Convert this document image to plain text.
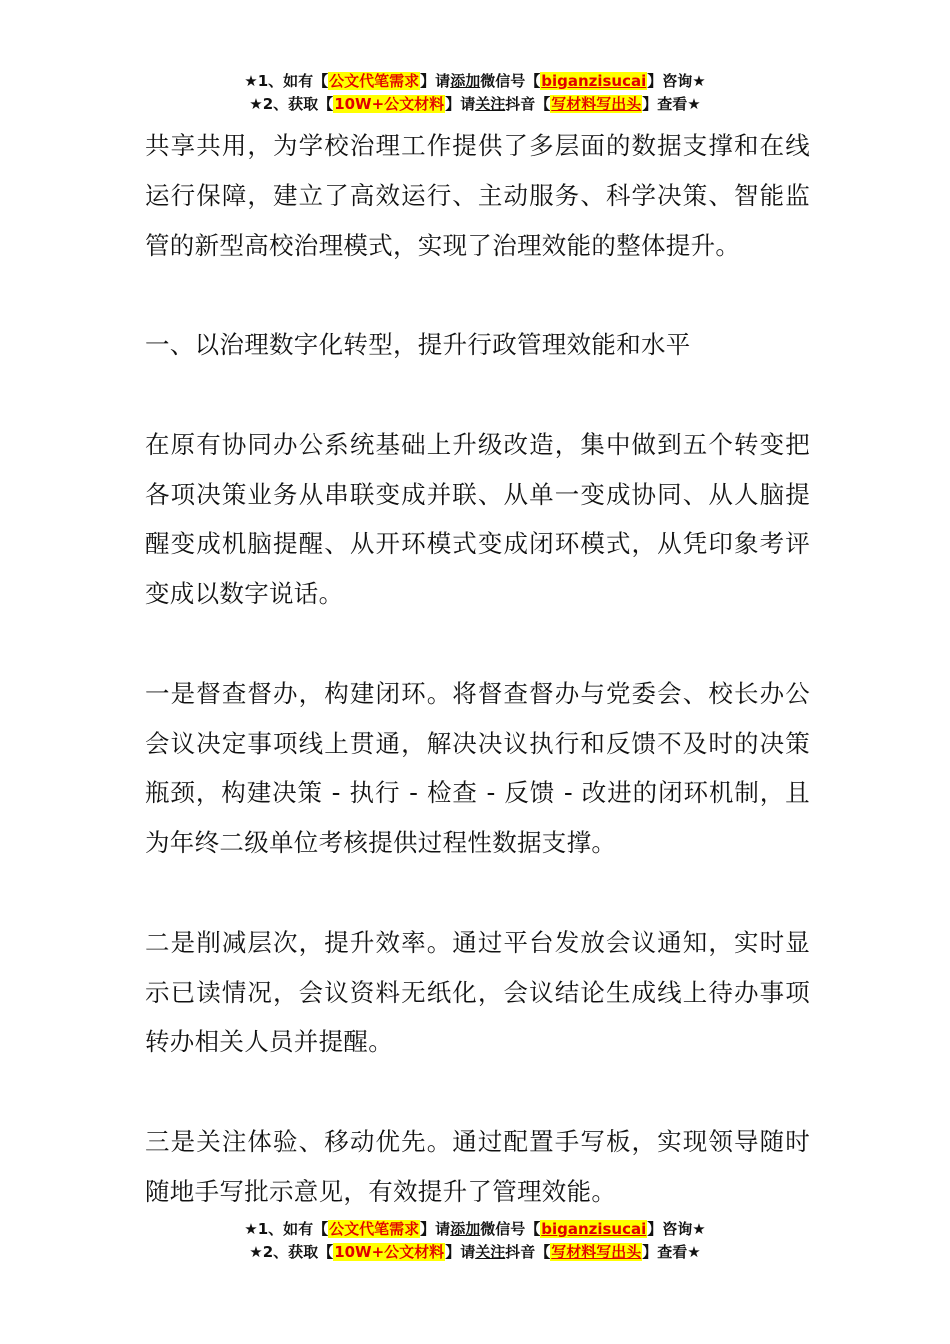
★1、如有【公文代笔需求】请添加微信号【biganzisucai】咨询★
★2、获取【10W+公文材料】请关注抖音【写材料写出头】查看★

共享共用，为学校治理工作提供了多层面的数据支撑和在线运行保障，建立了高效运行、主动服务、科学决策、智能监管的新型高校治理模式，实现了治理效能的整体提升。

一、以治理数字化转型，提升行政管理效能和水平

在原有协同办公系统基础上升级改造，集中做到五个转变把各项决策业务从串联变成并联、从单一变成协同、从人脑提醒变成机脑提醒、从开环模式变成闭环模式，从凭印象考评变成以数字说话。

一是督查督办，构建闭环。将督查督办与党委会、校长办公会议决定事项线上贯通，解决决议执行和反馈不及时的决策瓶颈，构建决策 - 执行 - 检查 - 反馈 - 改进的闭环机制，且为年终二级单位考核提供过程性数据支撑。

二是削减层次，提升效率。通过平台发放会议通知，实时显示已读情况，会议资料无纸化，会议结论生成线上待办事项转办相关人员并提醒。

三是关注体验、移动优先。通过配置手写板，实现领导随时随地手写批示意见，有效提升了管理效能。

★1、如有【公文代笔需求】请添加微信号【biganzisucai】咨询★
★2、获取【10W+公文材料】请关注抖音【写材料写出头】查看★
